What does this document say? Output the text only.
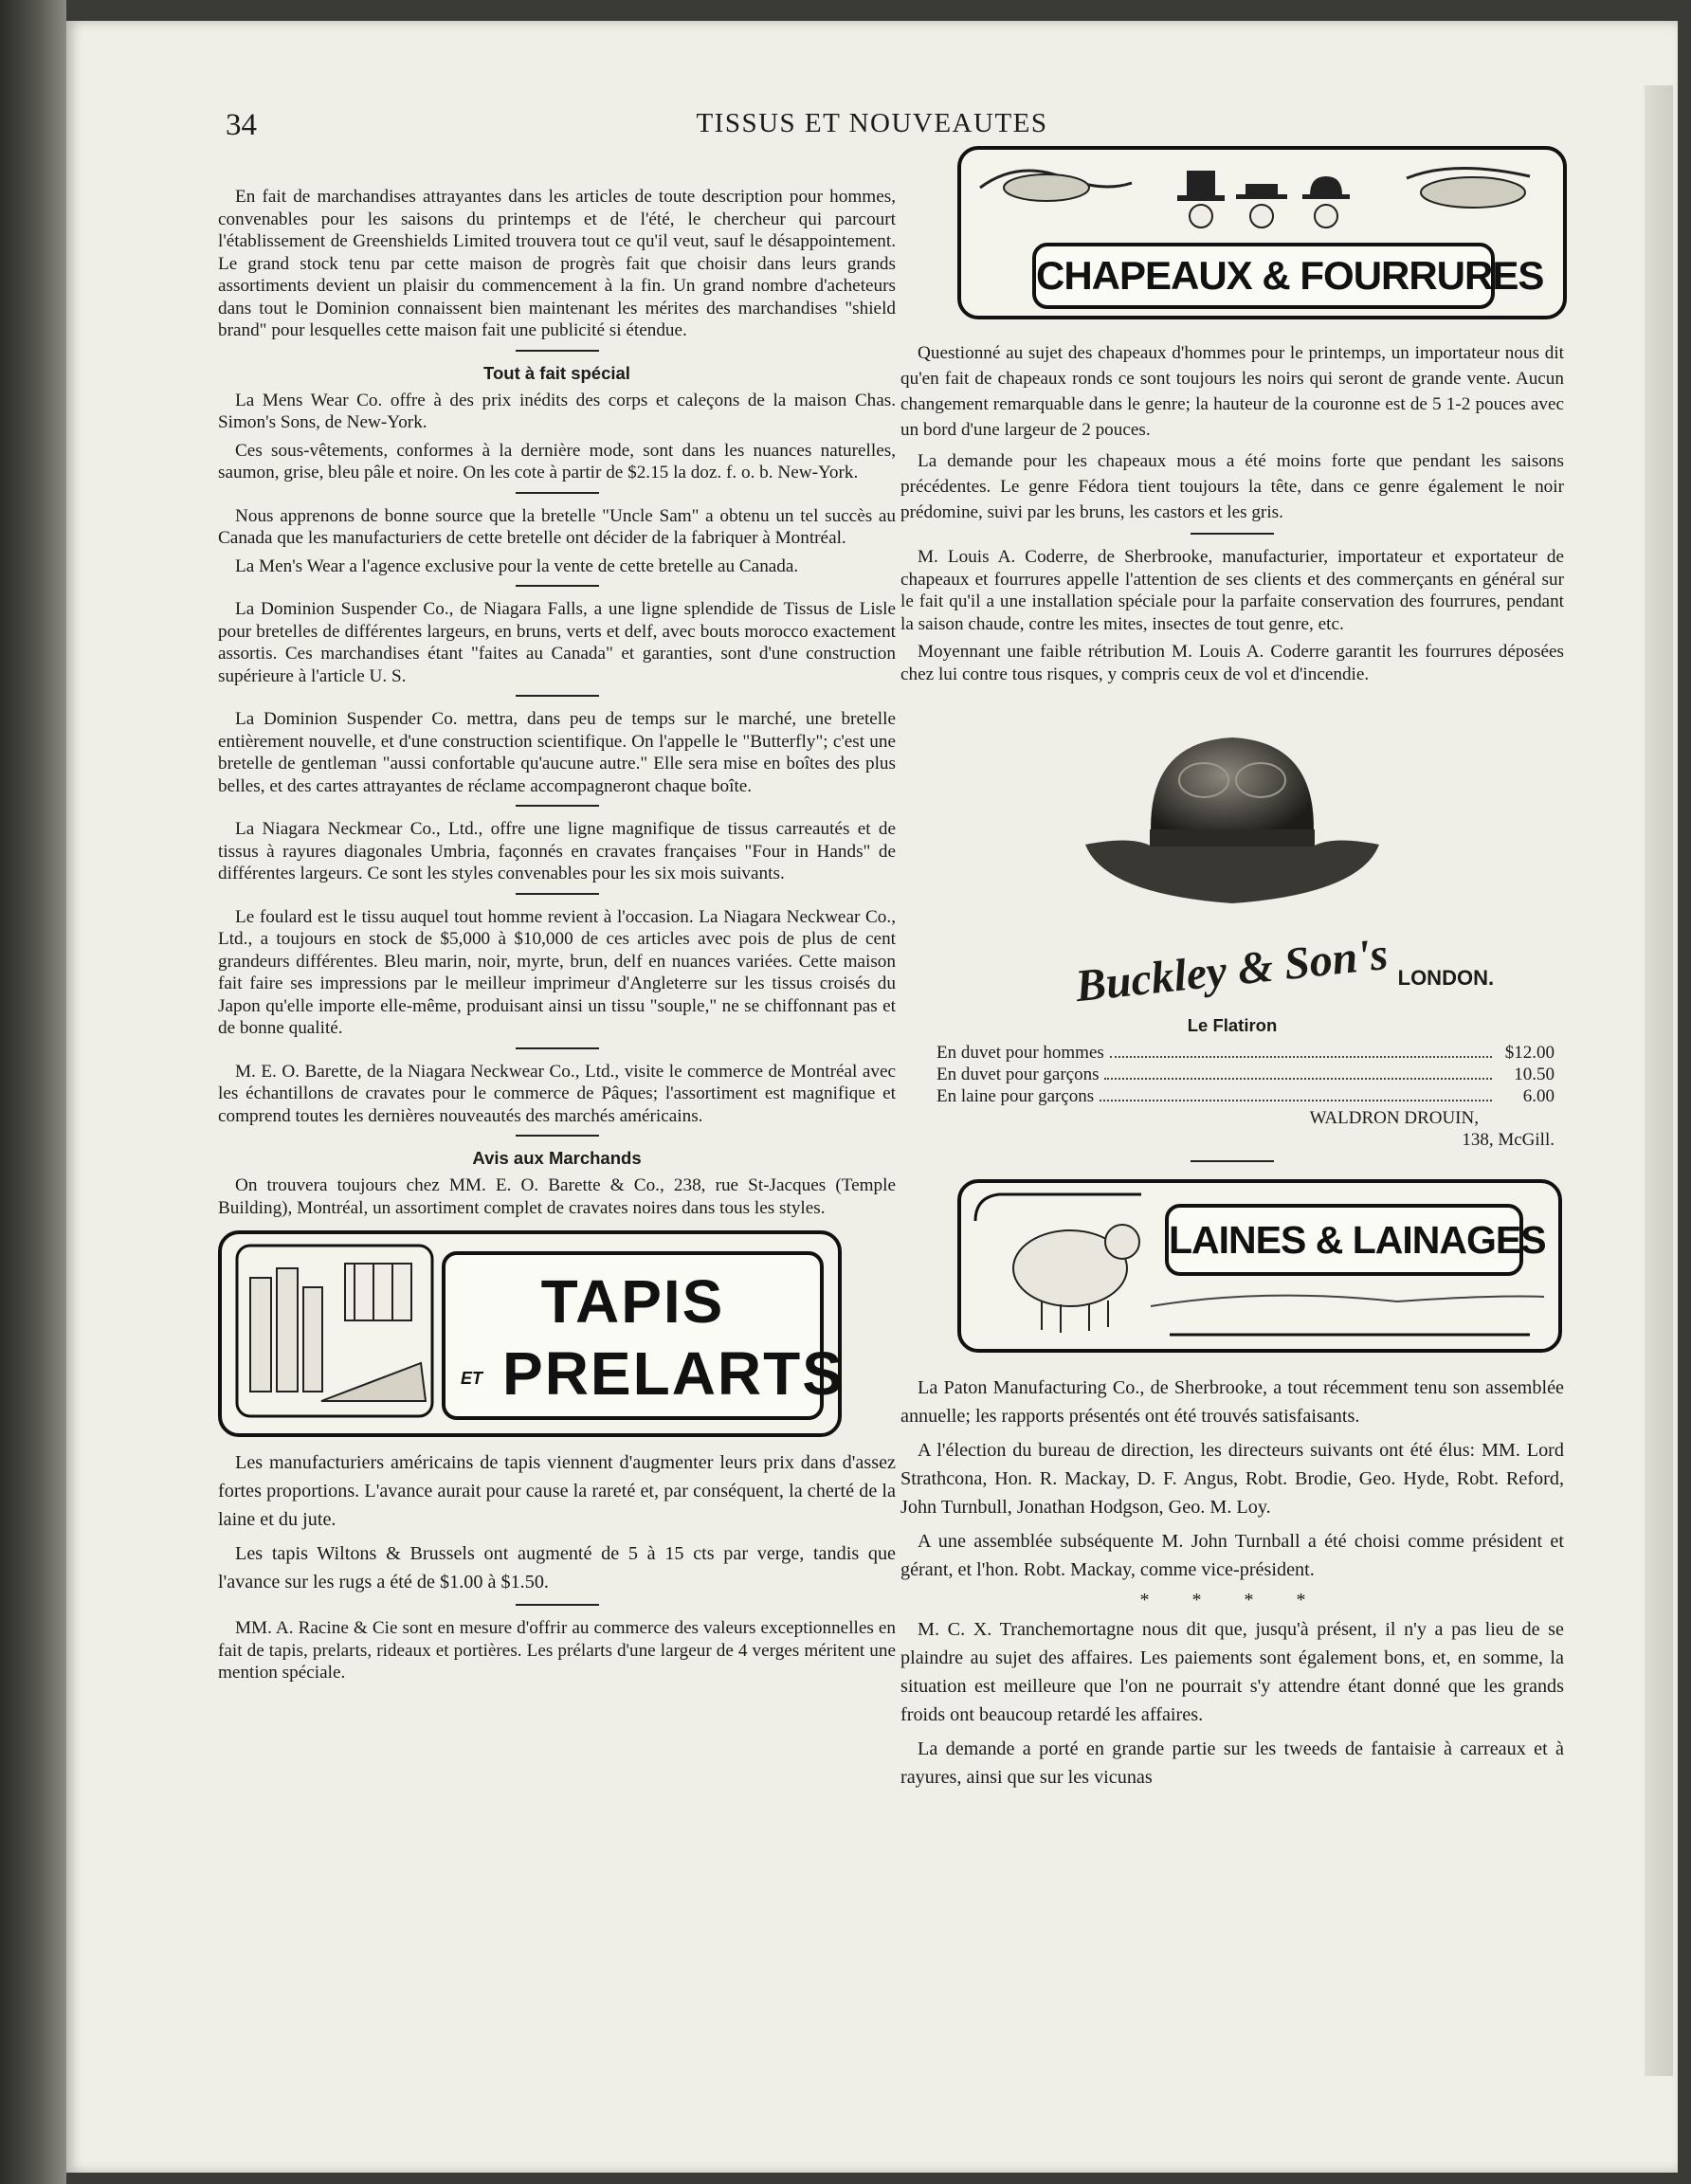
34	TISSUS ET NOUVEAUTES

En fait de marchandises attrayantes dans les articles de toute description pour hommes, convenables pour les saisons du printemps et de l'été, le chercheur qui parcourt l'établissement de Greenshields Limited trouvera tout ce qu'il veut, sauf le désappointement. Le grand stock tenu par cette maison de progrès fait que choisir dans leurs grands assortiments devient un plaisir du commencement à la fin. Un grand nombre d'acheteurs dans tout le Dominion connaissent bien maintenant les mérites des marchandises "shield brand" pour lesquelles cette maison fait une publicité si étendue.

Tout à fait spécial

La Mens Wear Co. offre à des prix inédits des corps et caleçons de la maison Chas. Simon's Sons, de New-York.

Ces sous-vêtements, conformes à la dernière mode, sont dans les nuances naturelles, saumon, grise, bleu pâle et noire. On les cote à partir de $2.15 la doz. f. o. b. New-York.

Nous apprenons de bonne source que la bretelle "Uncle Sam" a obtenu un tel succès au Canada que les manufacturiers de cette bretelle ont décider de la fabriquer à Montréal.

La Men's Wear a l'agence exclusive pour la vente de cette bretelle au Canada.

La Dominion Suspender Co., de Niagara Falls, a une ligne splendide de Tissus de Lisle pour bretelles de différentes largeurs, en bruns, verts et delf, avec bouts morocco exactement assortis. Ces marchandises étant "faites au Canada" et garanties, sont d'une construction supérieure à l'article U. S.

La Dominion Suspender Co. mettra, dans peu de temps sur le marché, une bretelle entièrement nouvelle, et d'une construction scientifique. On l'appelle le "Butterfly"; c'est une bretelle de gentleman "aussi confortable qu'aucune autre." Elle sera mise en boîtes des plus belles, et des cartes attrayantes de réclame accompagneront chaque boîte.

La Niagara Neckmear Co., Ltd., offre une ligne magnifique de tissus carreautés et de tissus à rayures diagonales Umbria, façonnés en cravates françaises "Four in Hands" de différentes largeurs. Ce sont les styles convenables pour les six mois suivants.

Le foulard est le tissu auquel tout homme revient à l'occasion. La Niagara Neckwear Co., Ltd., a toujours en stock de $5,000 à $10,000 de ces articles avec pois de plus de cent grandeurs différentes. Bleu marin, noir, myrte, brun, delf en nuances variées. Cette maison fait faire ses impressions par le meilleur imprimeur d'Angleterre sur les tissus croisés du Japon qu'elle importe elle-même, produisant ainsi un tissu "souple," ne se chiffonnant pas et de bonne qualité.

M. E. O. Barette, de la Niagara Neckwear Co., Ltd., visite le commerce de Montréal avec les échantillons de cravates pour le commerce de Pâques; l'assortiment est magnifique et comprend toutes les dernières nouveautés des marchés américains.

Avis aux Marchands

On trouvera toujours chez MM. E. O. Barette & Co., 238, rue St-Jacques (Temple Building), Montréal, un assortiment complet de cravates noires dans tous les styles.

TAPIS
ET PRELARTS

Les manufacturiers américains de tapis viennent d'augmenter leurs prix dans d'assez fortes proportions. L'avance aurait pour cause la rareté et, par conséquent, la cherté de la laine et du jute.

Les tapis Wiltons & Brussels ont augmenté de 5 à 15 cts par verge, tandis que l'avance sur les rugs a été de $1.00 à $1.50.

MM. A. Racine & Cie sont en mesure d'offrir au commerce des valeurs exceptionnelles en fait de tapis, prelarts, rideaux et portières. Les prélarts d'une largeur de 4 verges méritent une mention spéciale.

CHAPEAUX & FOURRURES

Questionné au sujet des chapeaux d'hommes pour le printemps, un importateur nous dit qu'en fait de chapeaux ronds ce sont toujours les noirs qui seront de grande vente. Aucun changement remarquable dans le genre; la hauteur de la couronne est de 5 1-2 pouces avec un bord d'une largeur de 2 pouces.

La demande pour les chapeaux mous a été moins forte que pendant les saisons précédentes. Le genre Fédora tient toujours la tête, dans ce genre également le noir prédomine, suivi par les bruns, les castors et les gris.

M. Louis A. Coderre, de Sherbrooke, manufacturier, importateur et exportateur de chapeaux et fourrures appelle l'attention de ses clients et des commerçants en général sur le fait qu'il a une installation spéciale pour la parfaite conservation des fourrures, pendant la saison chaude, contre les mites, insectes de tout genre, etc.

Moyennant une faible rétribution M. Louis A. Coderre garantit les fourrures déposées chez lui contre tous risques, y compris ceux de vol et d'incendie.

Buckley & Son's LONDON.
Le Flatiron
En duvet pour hommes	$12.00
En duvet pour garçons	10.50
En laine pour garçons	6.00
WALDRON DROUIN,
138, McGill.
LAINES & LAINAGES

La Paton Manufacturing Co., de Sherbrooke, a tout récemment tenu son assemblée annuelle; les rapports présentés ont été trouvés satisfaisants.

A l'élection du bureau de direction, les directeurs suivants ont été élus: MM. Lord Strathcona, Hon. R. Mackay, D. F. Angus, Robt. Brodie, Geo. Hyde, Robt. Reford, John Turnbull, Jonathan Hodgson, Geo. M. Loy.

A une assemblée subséquente M. John Turnball a été choisi comme président et gérant, et l'hon. Robt. Mackay, comme vice-président.

* * * *

M. C. X. Tranchemortagne nous dit que, jusqu'à présent, il n'y a pas lieu de se plaindre au sujet des affaires. Les paiements sont également bons, et, en somme, la situation est meilleure que l'on ne pourrait s'y attendre étant donné que les grands froids ont beaucoup retardé les affaires.

La demande a porté en grande partie sur les tweeds de fantaisie à carreaux et à rayures, ainsi que sur les vicunas
